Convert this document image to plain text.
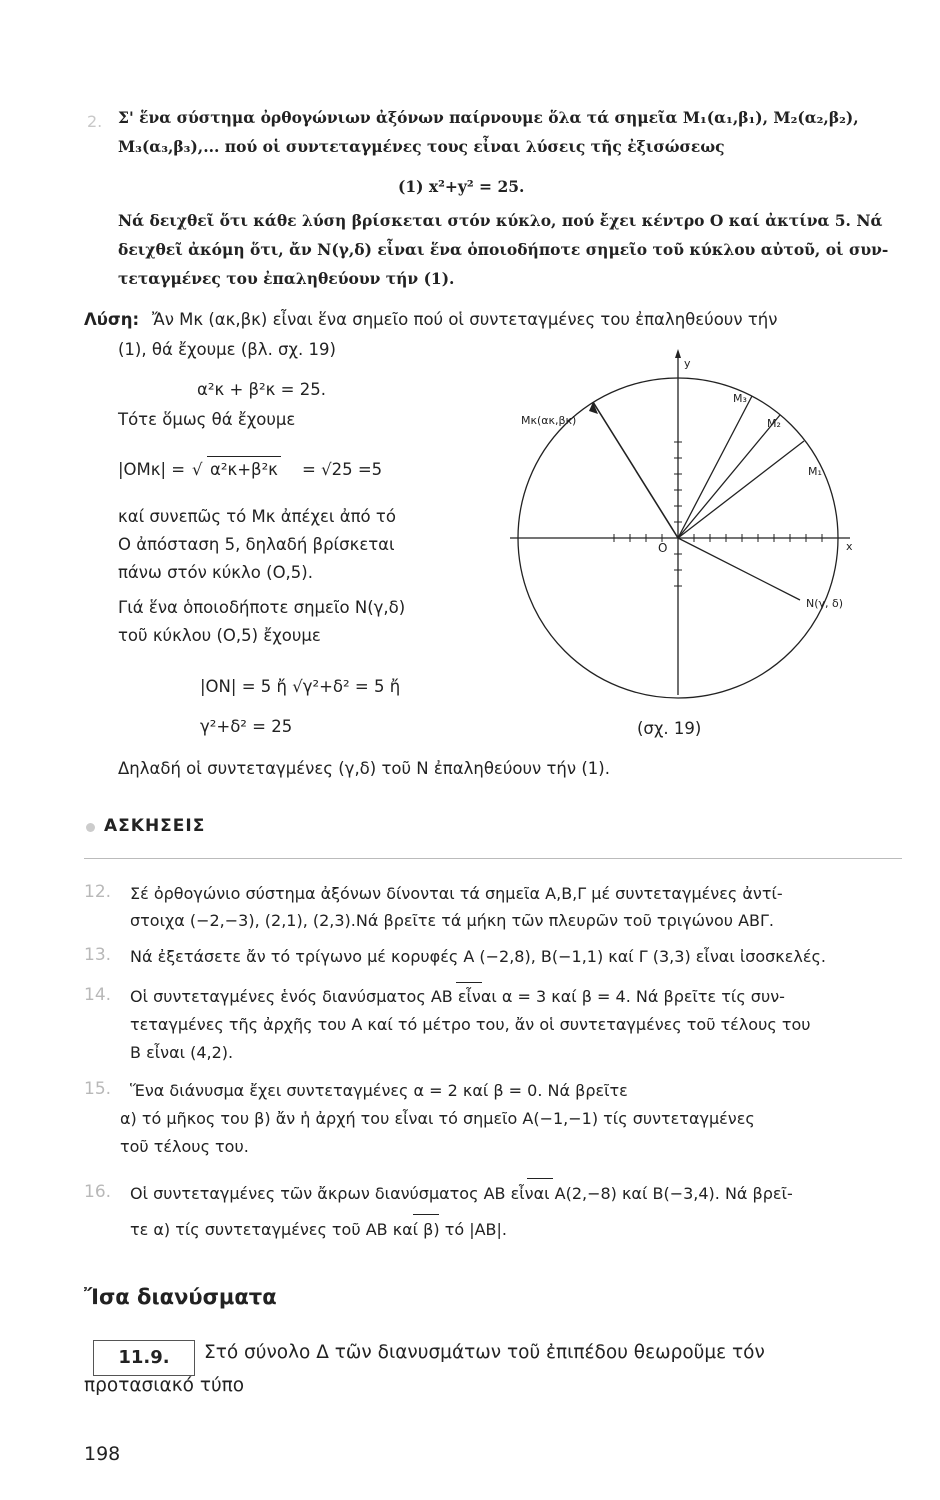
2. Σ' ἕνα σύστημα ὀρθογώνιων ἀξόνων παίρνουμε ὅλα τά σημεῖα M₁(α₁,β₁), M₂(α₂,β₂),
M₃(α₃,β₃),... πού οἱ συντεταγμένες τους εἶναι λύσεις τῆς ἐξισώσεως
(1) x²+y² = 25.
Νά δειχθεῖ ὅτι κάθε λύση βρίσκεται στόν κύκλο, πού ἔχει κέντρο O καί ἀκτίνα 5. Νά
δειχθεῖ ἀκόμη ὅτι, ἄν N(γ,δ) εἶναι ἕνα ὁποιοδήποτε σημεῖο τοῦ κύκλου αὐτοῦ, οἱ συν-
τεταγμένες του ἐπαληθεύουν τήν (1).
Λύση: Ἄν Mκ (ακ,βκ) εἶναι ἕνα σημεῖο πού οἱ συντεταγμένες του ἐπαληθεύουν τήν
(1), θά ἔχουμε (βλ. σχ. 19)
α²κ + β²κ = 25.
Τότε ὅμως θά ἔχουμε
|OMκ| = √ α²κ+β²κ = √25 =5
καί συνεπῶς τό Mκ ἀπέχει ἀπό τό
O ἀπόσταση 5, δηλαδή βρίσκεται
πάνω στόν κύκλο (O,5).
Γιά ἕνα ὁποιοδήποτε σημεῖο N(γ,δ)
τοῦ κύκλου (O,5) ἔχουμε
|ON| = 5 ἤ √γ²+δ² = 5 ἤ
γ²+δ² = 25
Δηλαδή οἱ συντεταγμένες (γ,δ) τοῦ N ἐπαληθεύουν τήν (1).
y
x
O
Mκ(ακ,βκ)
M₃
M₂
M₁
N(γ, δ)
(σχ. 19)
ΑΣΚΗΣΕΙΣ
12. Σέ ὀρθογώνιο σύστημα ἀξόνων δίνονται τά σημεῖα A,B,Γ μέ συντεταγμένες ἀντί-
στοιχα (−2,−3), (2,1), (2,3).Νά βρεῖτε τά μήκη τῶν πλευρῶν τοῦ τριγώνου ABΓ.
13. Νά ἐξετάσετε ἄν τό τρίγωνο μέ κορυφές A (−2,8), B(−1,1) καί Γ (3,3) εἶναι ἰσοσκελές.
14. Οἱ συντεταγμένες ἑνός διανύσματος AB εἶναι α = 3 καί β = 4. Νά βρεῖτε τίς συν-
τεταγμένες τῆς ἀρχῆς του A καί τό μέτρο του, ἄν οἱ συντεταγμένες τοῦ τέλους του
B εἶναι (4,2).
15. Ἕνα διάνυσμα ἔχει συντεταγμένες α = 2 καί β = 0. Νά βρεῖτε
α) τό μῆκος του β) ἄν ἡ ἀρχή του εἶναι τό σημεῖο A(−1,−1) τίς συντεταγμένες
τοῦ τέλους του.
16. Οἱ συντεταγμένες τῶν ἄκρων διανύσματος AB εἶναι A(2,−8) καί B(−3,4). Νά βρεῖ-
τε α) τίς συντεταγμένες τοῦ AB καί β) τό |AB|.
Ἴσα διανύσματα
11.9.	Στό σύνολο Δ τῶν διανυσμάτων τοῦ ἐπιπέδου θεωροῦμε τόν
προτασιακό τύπο
198
